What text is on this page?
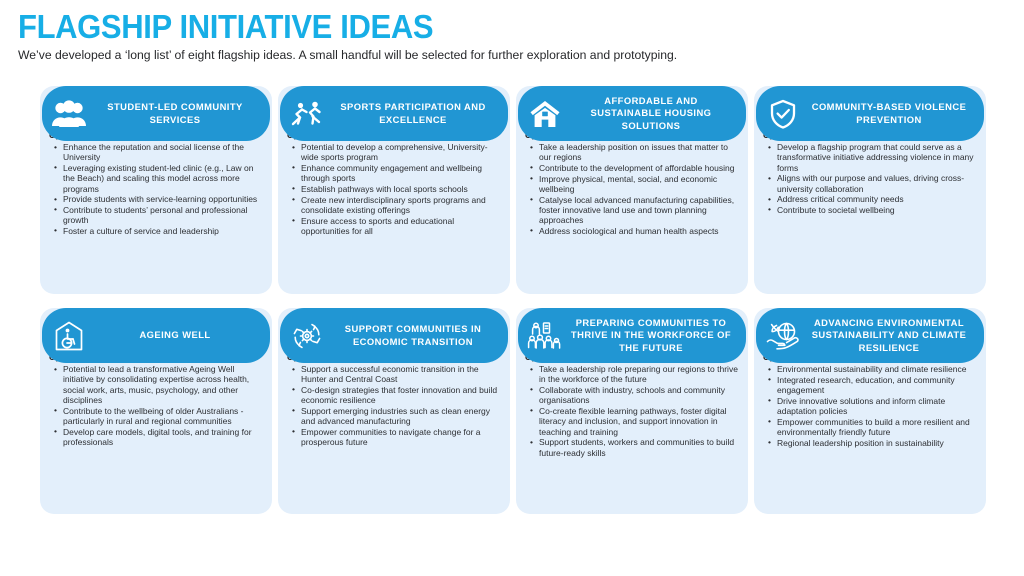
FLAGSHIP INITIATIVE IDEAS
We’ve developed a ‘long list’ of eight flagship ideas. A small handful will be selected for further exploration and prototyping.
• Enhance the reputation and social license of the University
• Leveraging existing student-led clinic (e.g., Law on the Beach) and scaling this model across more programs
• Provide students with service-learning opportunities
• Contribute to students’ personal and professional growth
• Foster a culture of service and leadership
STUDENT-LED COMMUNITY SERVICES
• Potential to develop a comprehensive, University-wide sports program
• Enhance community engagement and wellbeing through sports
• Establish pathways with local sports schools
• Create new interdisciplinary sports programs and consolidate existing offerings
• Ensure access to sports and educational opportunities for all
SPORTS PARTICIPATION AND EXCELLENCE
• Take a leadership position on issues that matter to our regions
• Contribute to the development of affordable housing
• Improve physical, mental, social, and economic wellbeing
• Catalyse local advanced manufacturing capabilities, foster innovative land use and town planning approaches
• Address sociological and human health aspects
AFFORDABLE AND SUSTAINABLE HOUSING SOLUTIONS
• Develop a flagship program that could serve as a transformative initiative addressing violence in many forms
• Aligns with our purpose and values, driving cross-university collaboration
• Address critical community needs
• Contribute to societal wellbeing
COMMUNITY-BASED VIOLENCE PREVENTION
• Potential to lead a transformative Ageing Well initiative by consolidating expertise across health, social work, arts, music, psychology, and other disciplines
• Contribute to the wellbeing of older Australians - particularly in rural and regional communities
• Develop care models, digital tools, and training for professionals
AGEING WELL
• Support a successful economic transition in the Hunter and Central Coast
• Co-design strategies that foster innovation and build economic resilience
• Support emerging industries such as clean energy and advanced manufacturing
• Empower communities to navigate change for a prosperous future
SUPPORT COMMUNITIES IN ECONOMIC TRANSITION
• Take a leadership role preparing our regions to thrive in the workforce of the future
• Collaborate with industry, schools and community organisations
• Co-create flexible learning pathways, foster digital literacy and inclusion, and support innovation in teaching and training
• Support students, workers and communities to build future-ready skills
PREPARING COMMUNITIES TO THRIVE IN THE WORKFORCE OF THE FUTURE
• Environmental sustainability and climate resilience
• Integrated research, education, and community engagement
• Drive innovative solutions and inform climate adaptation policies
• Empower communities to build a more resilient and environmentally friendly future
• Regional leadership position in sustainability
ADVANCING ENVIRONMENTAL SUSTAINABILITY AND CLIMATE RESILIENCE
